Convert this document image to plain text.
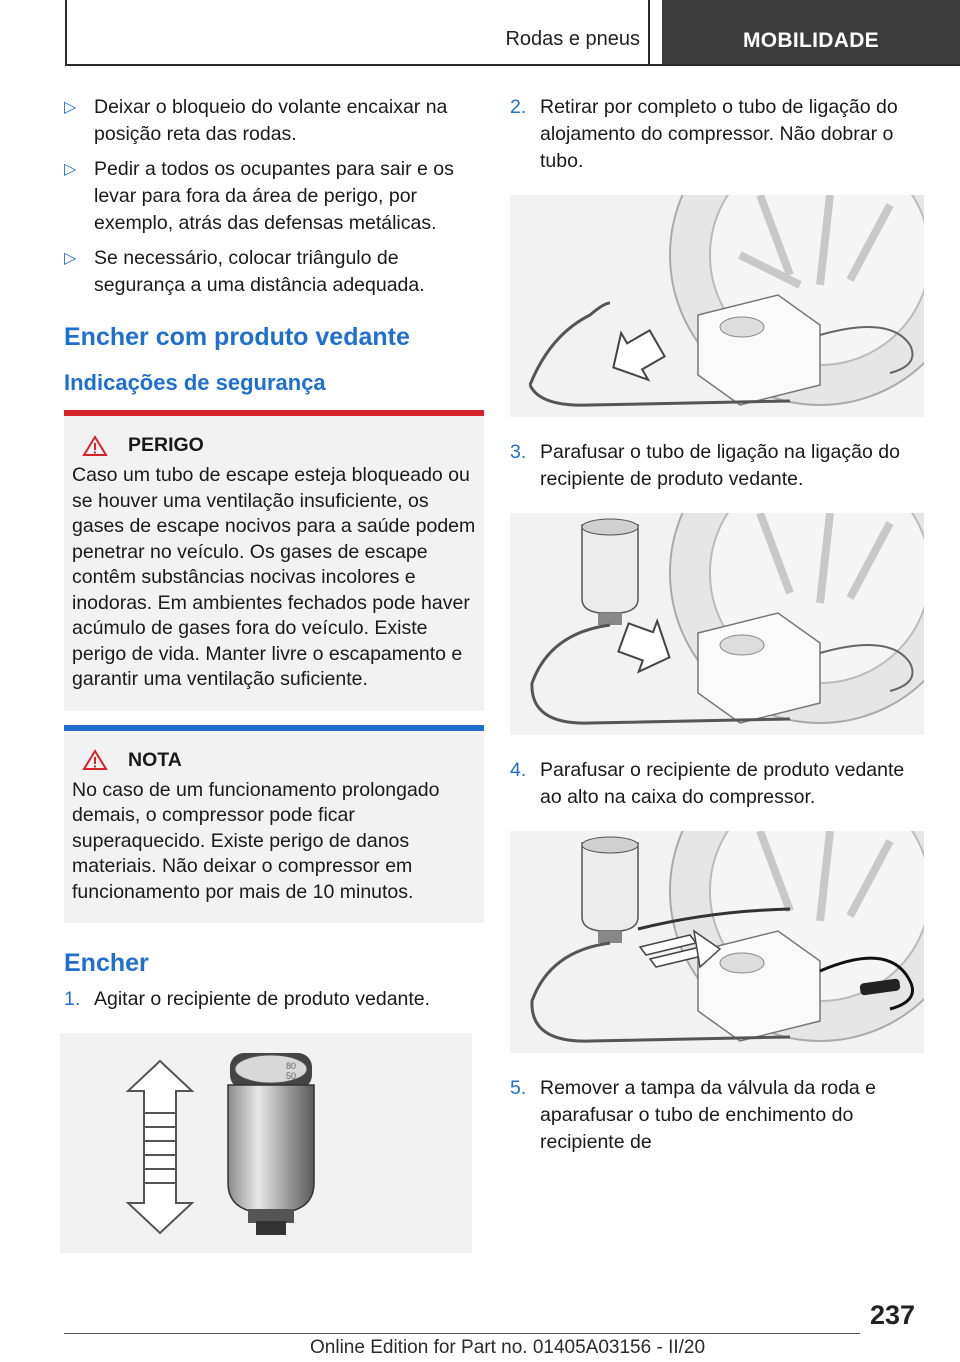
Rodas e pneus	MOBILIDADE
▷ Deixar o bloqueio do volante encaixar na posição reta das rodas.
▷ Pedir a todos os ocupantes para sair e os levar para fora da área de perigo, por exemplo, atrás das defensas metálicas.
▷ Se necessário, colocar triângulo de segurança a uma distância adequada.
Encher com produto vedante
Indicações de segurança
PERIGO
Caso um tubo de escape esteja bloqueado ou se houver uma ventilação insuficiente, os gases de escape nocivos para a saúde podem penetrar no veículo. Os gases de escape contêm substâncias nocivas incolores e inodoras. Em ambientes fechados pode haver acúmulo de gases fora do veículo. Existe perigo de vida. Manter livre o escapamento e garantir uma ventilação suficiente.
NOTA
No caso de um funcionamento prolongado demais, o compressor pode ficar superaquecido. Existe perigo de danos materiais. Não deixar o compressor em funcionamento por mais de 10 minutos.
Encher
1. Agitar o recipiente de produto vedante.
80
50
2. Retirar por completo o tubo de ligação do alojamento do compressor. Não dobrar o tubo.
3. Parafusar o tubo de ligação na ligação do recipiente de produto vedante.
4. Parafusar o recipiente de produto vedante ao alto na caixa do compressor.
5. Remover a tampa da válvula da roda e aparafusar o tubo de enchimento do recipiente de
237
Online Edition for Part no. 01405A03156 - II/20
